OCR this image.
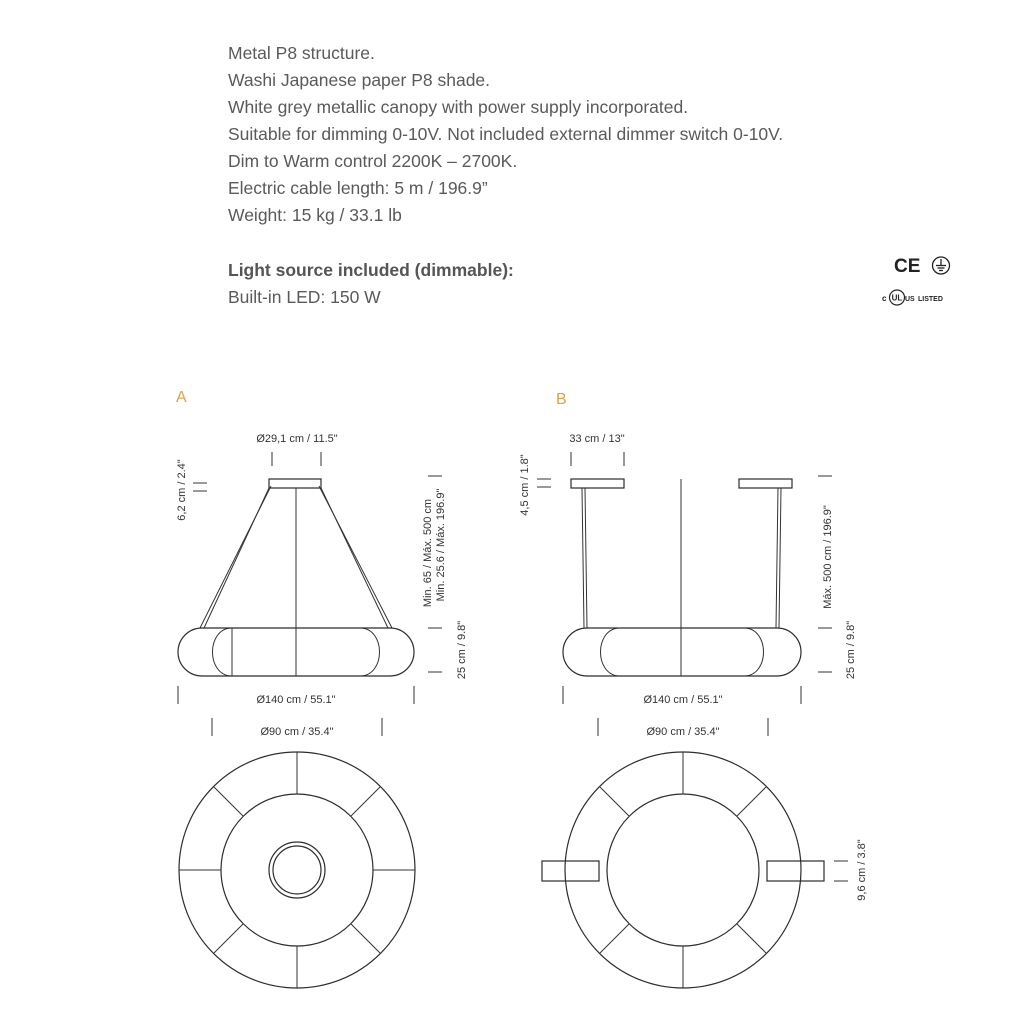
Metal P8 structure.
Washi Japanese paper P8 shade.
White grey metallic canopy with power supply incorporated.
Suitable for dimming 0-10V. Not included external dimmer switch 0-10V.
Dim to Warm control 2200K – 2700K.
Electric cable length: 5 m / 196.9”
Weight: 15 kg / 33.1 lb
Light source included (dimmable):
Built-in LED: 150 W
CE
c UL US LISTED
A
Ø29,1 cm / 11.5"
6,2 cm / 2.4"
Min. 65 / Máx. 500 cm Min. 25.6 / Máx. 196.9"
25 cm / 9.8"
Ø140 cm / 55.1"
Ø90 cm / 35.4"
B
33 cm / 13"
4,5 cm / 1.8"
Máx. 500 cm / 196.9"
25 cm / 9.8"
Ø140 cm / 55.1"
Ø90 cm / 35.4"
9,6 cm / 3.8"
